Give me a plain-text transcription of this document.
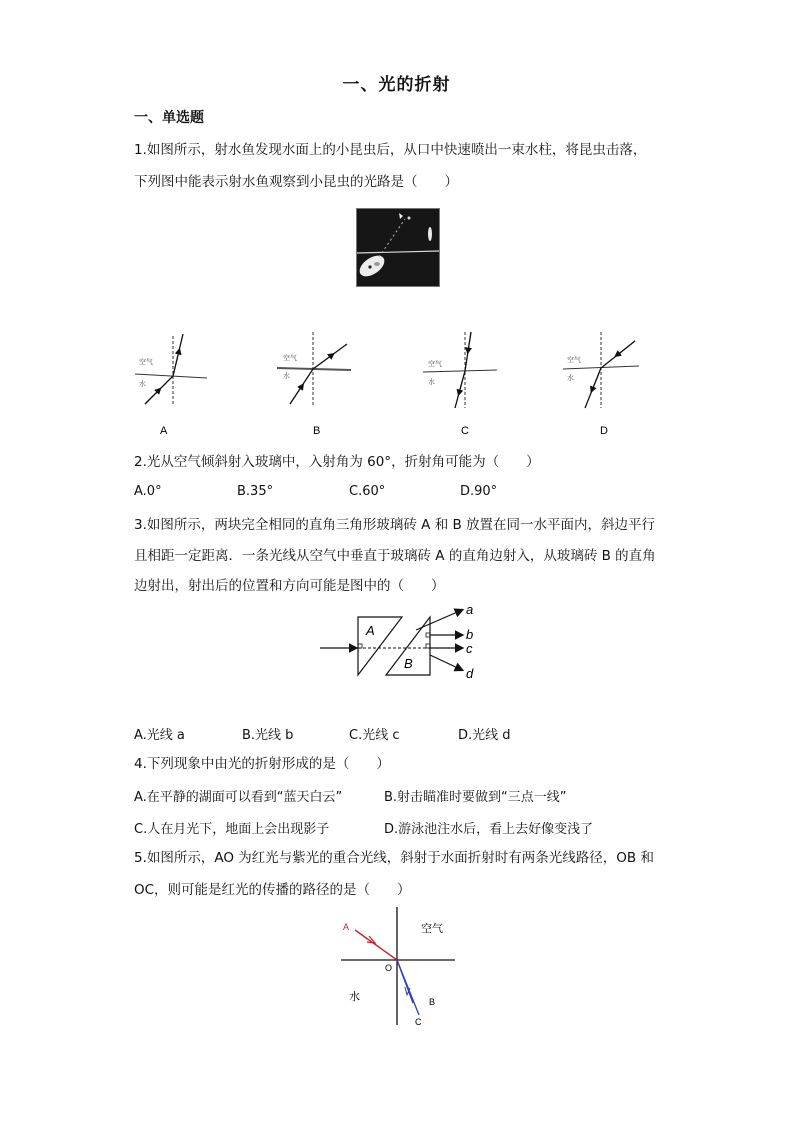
一、光的折射
一、单选题
1.如图所示，射水鱼发现水面上的小昆虫后，从口中快速喷出一束水柱，将昆虫击落，
下列图中能表示射水鱼观察到小昆虫的光路是（　　）
空气
水
空气
水
空气
水
空气
水
A	B	C	D
2.光从空气倾斜射入玻璃中，入射角为 60°，折射角可能为（　　）
A.0°	B.35°	C.60°	D.90°
3.如图所示，两块完全相同的直角三角形玻璃砖 A 和 B 放置在同一水平面内，斜边平行
且相距一定距离．一条光线从空气中垂直于玻璃砖 A 的直角边射入，从玻璃砖 B 的直角
边射出，射出后的位置和方向可能是图中的（　　）
A
B
a
b
c
d
A.光线 a	B.光线 b	C.光线 c	D.光线 d
4.下列现象中由光的折射形成的是（　　）
A.在平静的湖面可以看到“蓝天白云”	B.射击瞄准时要做到“三点一线”
C.人在月光下，地面上会出现影子	D.游泳池注水后，看上去好像变浅了
5.如图所示，AO 为红光与紫光的重合光线，斜射于水面折射时有两条光线路径，OB 和
OC，则可能是红光的传播的路径的是（　　）
A
O
B
C
空气
水
